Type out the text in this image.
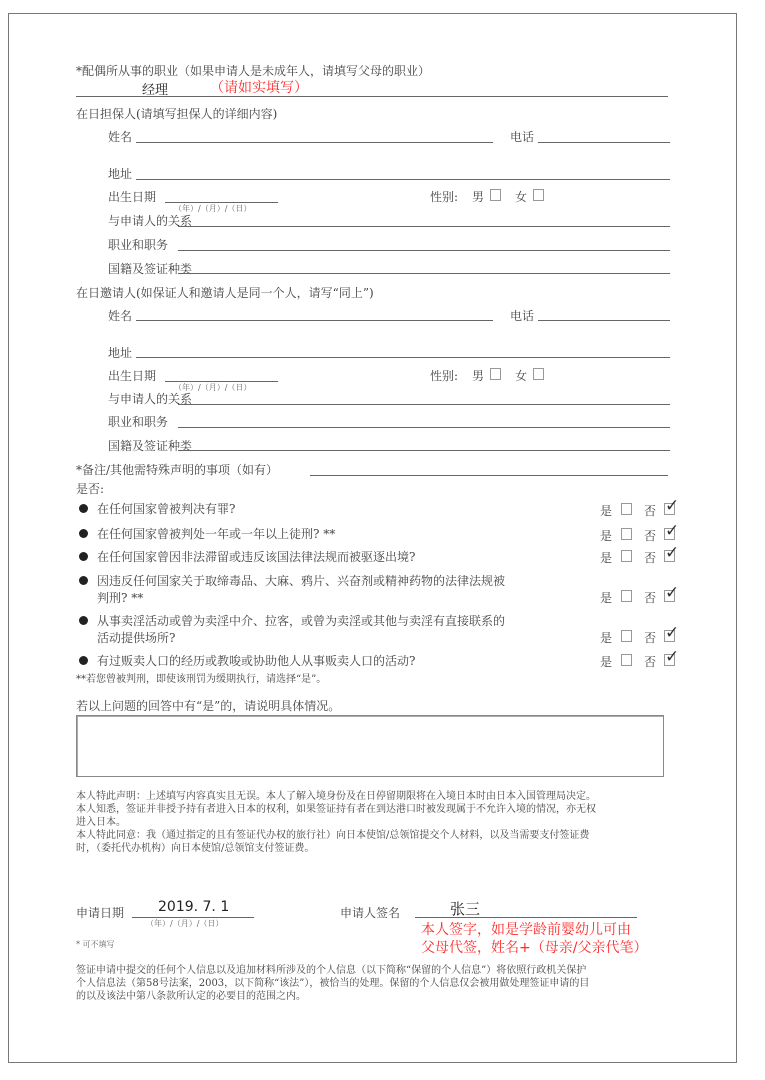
*配偶所从事的职业（如果申请人是未成年人，请填写父母的职业）
经理	（请如实填写）
在日担保人(请填写担保人的详细内容)
姓名	电话
地址
出生日期
（年）/（月）/（日）
性别: 男	女
与申请人的关系
职业和职务
国籍及签证种类
在日邀请人(如保证人和邀请人是同一个人，请写“同上”)
姓名	电话
地址
出生日期
（年）/（月）/（日）
性别: 男	女
与申请人的关系
职业和职务
国籍及签证种类
*备注/其他需特殊声明的事项（如有）
是否:
在任何国家曾被判决有罪?	是	否 ✓
在任何国家曾被判处一年或一年以上徒刑? **	是	否 ✓
在任何国家曾因非法滞留或违反该国法律法规而被驱逐出境?	是	否 ✓
因违反任何国家关于取缔毒品、大麻、鸦片、兴奋剂或精神药物的法律法规被
判刑? **	是	否 ✓
从事卖淫活动或曾为卖淫中介、拉客，或曾为卖淫或其他与卖淫有直接联系的
活动提供场所?	是	否 ✓
有过贩卖人口的经历或教唆或协助他人从事贩卖人口的活动?	是	否 ✓
**若您曾被判刑，即使该刑罚为缓期执行，请选择“是”。
若以上问题的回答中有“是”的，请说明具体情况。
本人特此声明：上述填写内容真实且无误。本人了解入境身份及在日停留期限将在入境日本时由日本入国管理局决定。
本人知悉，签证并非授予持有者进入日本的权利，如果签证持有者在到达港口时被发现属于不允许入境的情况，亦无权
进入日本。
本人特此同意：我（通过指定的且有签证代办权的旅行社）向日本使馆/总领馆提交个人材料，以及当需要支付签证费
时，（委托代办机构）向日本使馆/总领馆支付签证费。
申请日期 2019. 7. 1
（年）/（月）/（日）
申请人签名	张三
本人签字，如是学龄前婴幼儿可由
父母代签，姓名+（母亲/父亲代笔）
* 可不填写
签证申请中提交的任何个人信息以及追加材料所涉及的个人信息（以下简称“保留的个人信息”）将依照行政机关保护
个人信息法（第58号法案，2003，以下简称“该法”），被恰当的处理。保留的个人信息仅会被用做处理签证申请的目
的以及该法中第八条款所认定的必要目的范围之内。
